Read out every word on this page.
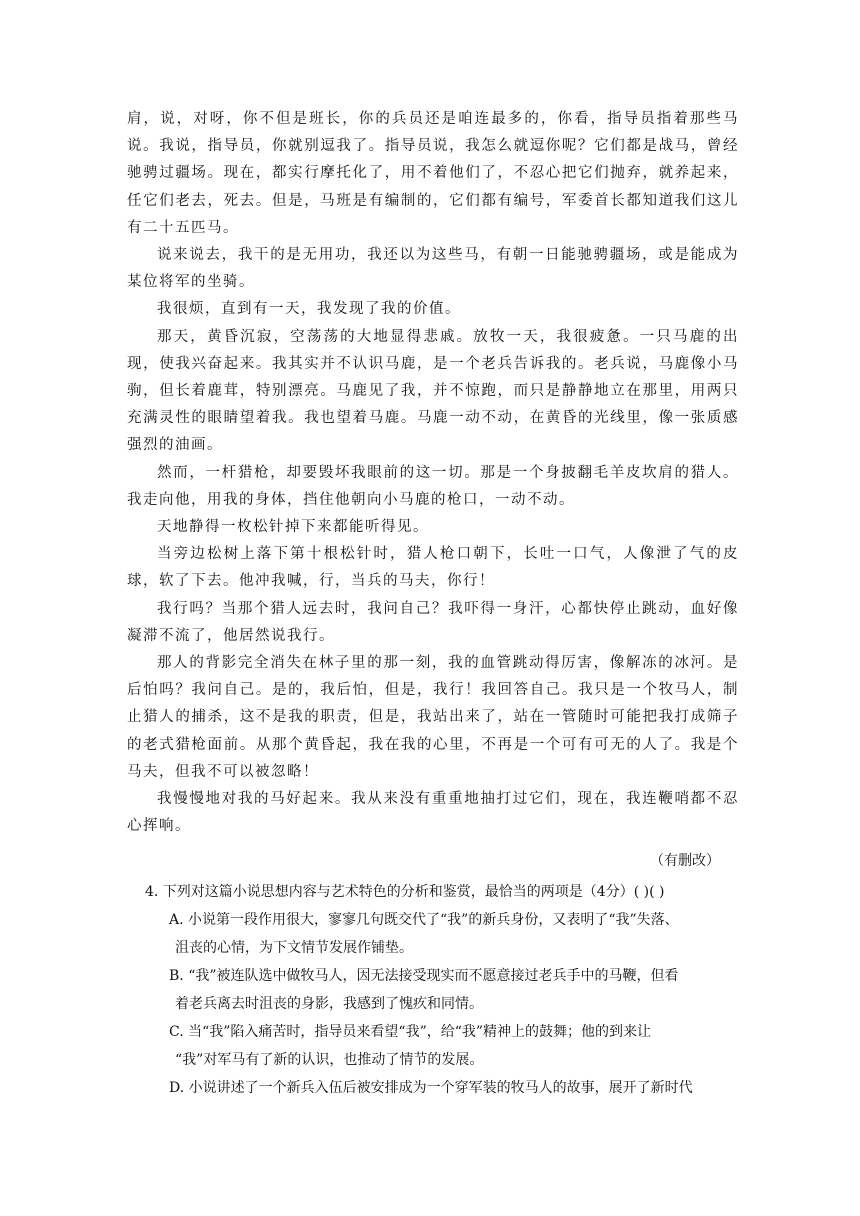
肩，说，对呀，你不但是班长，你的兵员还是咱连最多的，你看，指导员指着那些马说。我说，指导员，你就别逗我了。指导员说，我怎么就逗你呢？它们都是战马，曾经驰骋过疆场。现在，都实行摩托化了，用不着他们了，不忍心把它们抛弃，就养起来，任它们老去，死去。但是，马班是有编制的，它们都有编号，军委首长都知道我们这儿有二十五匹马。

说来说去，我干的是无用功，我还以为这些马，有朝一日能驰骋疆场，或是能成为某位将军的坐骑。

我很烦，直到有一天，我发现了我的价值。

那天，黄昏沉寂，空荡荡的大地显得悲戚。放牧一天，我很疲惫。一只马鹿的出现，使我兴奋起来。我其实并不认识马鹿，是一个老兵告诉我的。老兵说，马鹿像小马驹，但长着鹿茸，特别漂亮。马鹿见了我，并不惊跑，而只是静静地立在那里，用两只充满灵性的眼睛望着我。我也望着马鹿。马鹿一动不动，在黄昏的光线里，像一张质感强烈的油画。

然而，一杆猎枪，却要毁坏我眼前的这一切。那是一个身披翻毛羊皮坎肩的猎人。我走向他，用我的身体，挡住他朝向小马鹿的枪口，一动不动。

天地静得一枚松针掉下来都能听得见。

当旁边松树上落下第十根松针时，猎人枪口朝下，长吐一口气，人像泄了气的皮球，软了下去。他冲我喊，行，当兵的马夫，你行！

我行吗？当那个猎人远去时，我问自己？我吓得一身汗，心都快停止跳动，血好像凝滞不流了，他居然说我行。

那人的背影完全消失在林子里的那一刻，我的血管跳动得厉害，像解冻的冰河。是后怕吗？我问自己。是的，我后怕，但是，我行！我回答自己。我只是一个牧马人，制止猎人的捕杀，这不是我的职责，但是，我站出来了，站在一管随时可能把我打成筛子的老式猎枪面前。从那个黄昏起，我在我的心里，不再是一个可有可无的人了。我是个马夫，但我不可以被忽略！

我慢慢地对我的马好起来。我从来没有重重地抽打过它们，现在，我连鞭哨都不忍心挥响。

（有删改）

4. 下列对这篇小说思想内容与艺术特色的分析和鉴赏，最恰当的两项是（4分）( )( )

A. 小说第一段作用很大，寥寥几句既交代了“我”的新兵身份，又表明了“我”失落、
沮丧的心情，为下文情节发展作铺垫。

B. “我”被连队选中做牧马人，因无法接受现实而不愿意接过老兵手中的马鞭，但看
着老兵离去时沮丧的身影，我感到了愧疚和同情。

C. 当“我”陷入痛苦时，指导员来看望“我”，给“我”精神上的鼓舞；他的到来让
“我”对军马有了新的认识，也推动了情节的发展。

D. 小说讲述了一个新兵入伍后被安排成为一个穿军装的牧马人的故事，展开了新时代
